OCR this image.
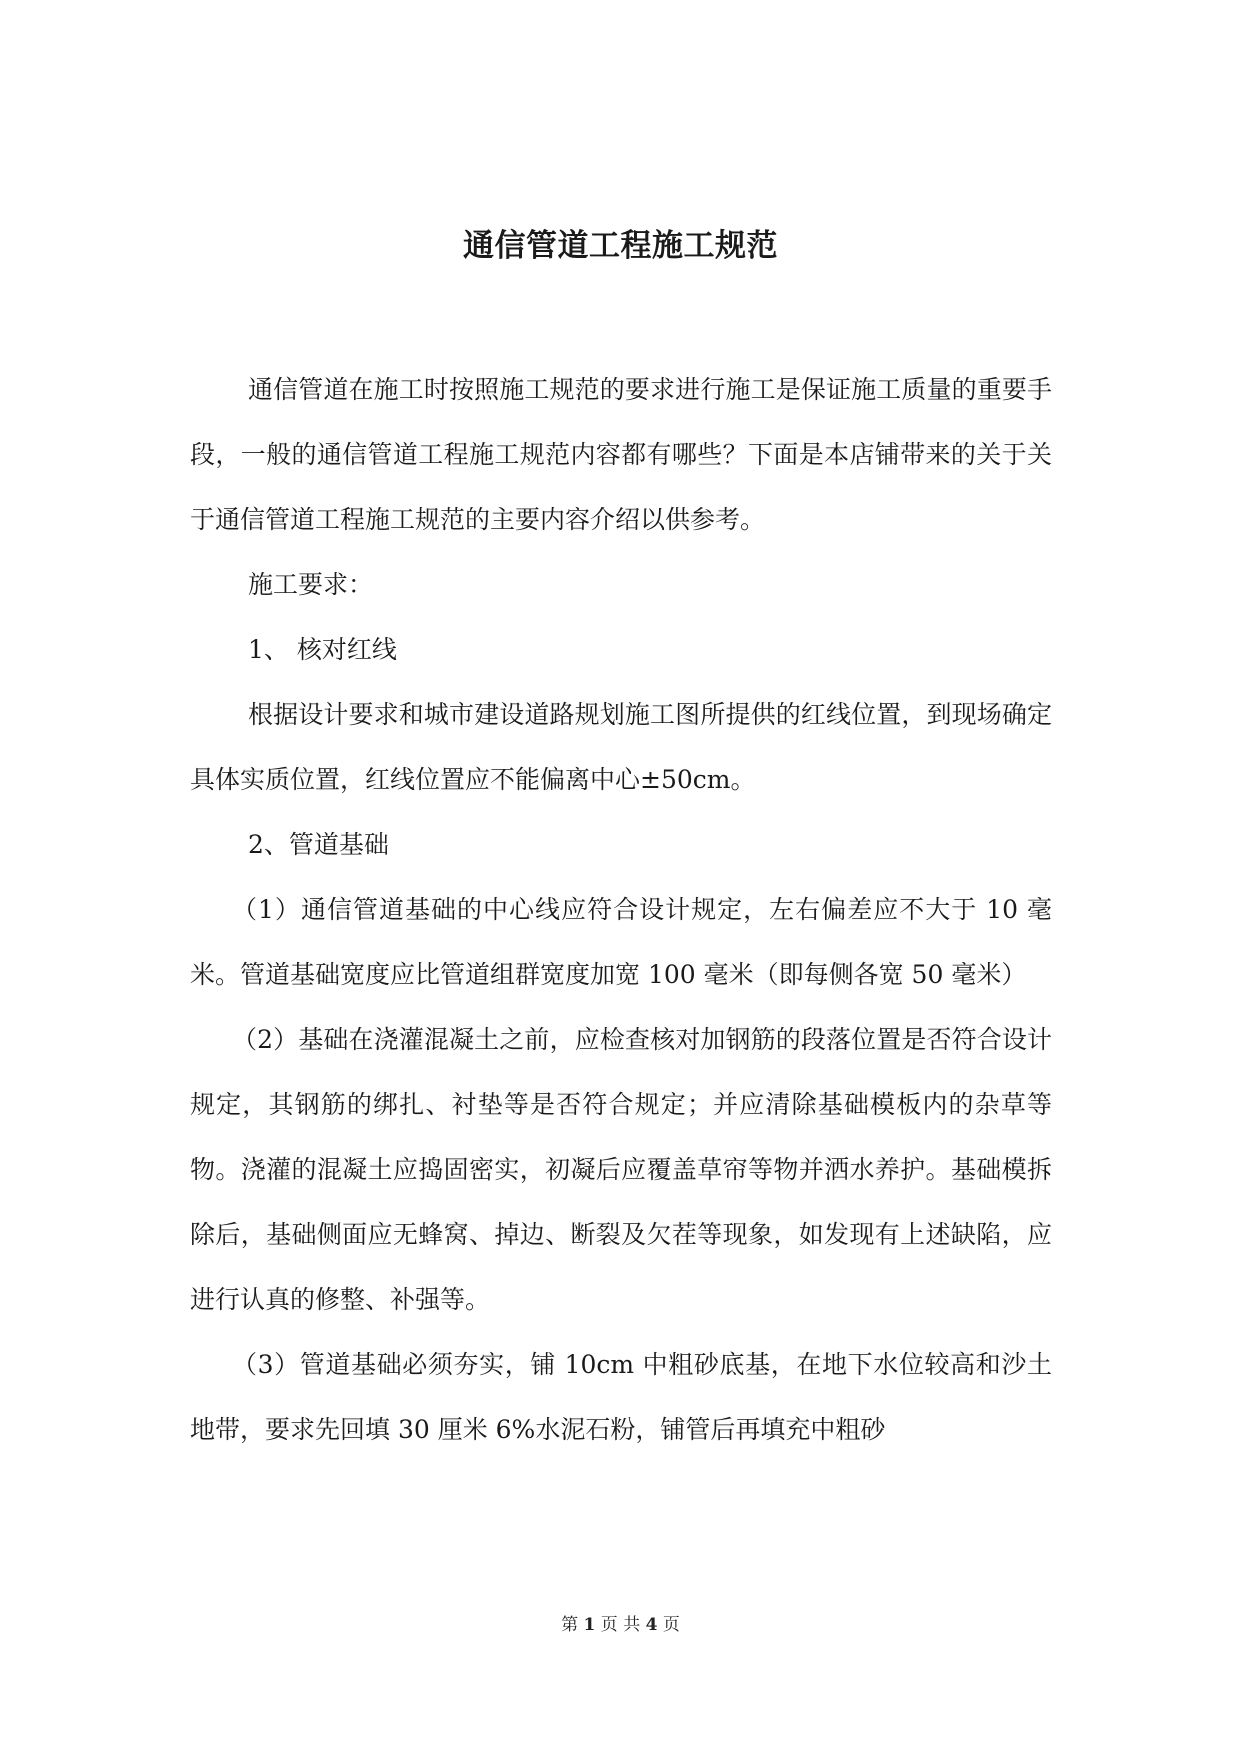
通信管道工程施工规范

通信管道在施工时按照施工规范的要求进行施工是保证施工质量的重要手段，一般的通信管道工程施工规范内容都有哪些？下面是本店铺带来的关于关于通信管道工程施工规范的主要内容介绍以供参考。

施工要求：

1、 核对红线

根据设计要求和城市建设道路规划施工图所提供的红线位置，到现场确定具体实质位置，红线位置应不能偏离中心±50cm。

2、管道基础

（1）通信管道基础的中心线应符合设计规定，左右偏差应不大于 10 毫米。管道基础宽度应比管道组群宽度加宽 100 毫米（即每侧各宽 50 毫米）

（2）基础在浇灌混凝土之前，应检查核对加钢筋的段落位置是否符合设计规定，其钢筋的绑扎、衬垫等是否符合规定；并应清除基础模板内的杂草等物。浇灌的混凝土应捣固密实，初凝后应覆盖草帘等物并洒水养护。基础模拆除后，基础侧面应无蜂窝、掉边、断裂及欠茬等现象，如发现有上述缺陷，应进行认真的修整、补强等。

（3）管道基础必须夯实，铺 10cm 中粗砂底基，在地下水位较高和沙土地带，要求先回填 30 厘米 6%水泥石粉，铺管后再填充中粗砂

第 1 页 共 4 页
